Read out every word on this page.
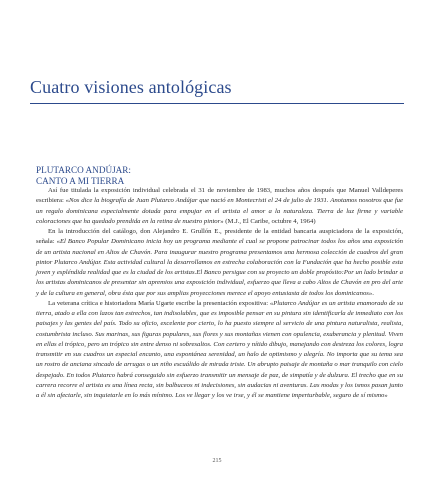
Cuatro visiones antológicas
PLUTARCO ANDÚJAR:
CANTO A MI TIERRA

Así fue titulada la exposición individual celebrada el 31 de noviembre de 1983, muchos años después que Manuel Valldeperes escribiera: «Nos dice la biografía de Juan Plutarco Andújar que nació en Montecristi el 24 de julio de 1931. Anotamos nosotros que fue un regalo dominicana especialmente dotada para empujar en el artista el amor a la naturaleza. Tierra de luz firme y variable coloraciones que ha quedado prendida en la retina de nuestro pintor» (M.J., El Caribe, octubre 4, 1964)

En la introducción del catálogo, don Alejandro E. Grullón E., presidente de la entidad bancaria auspiciadora de la exposición, señala: «El Banco Popular Dominicano inicia hoy un programa mediante el cual se propone patrocinar todos los años una exposición de un artista nacional en Altos de Chavón. Para inaugurar nuestro programa presentamos una hermosa colección de cuadros del gran pintor Plutarco Andújar. Esta actividad cultural la desarrollamos en estrecha colaboración con la Fundación que ha hecho posible esta joven y espléndida realidad que es la ciudad de los artistas.El Banco persigue con su proyecto un doble propósito:Por un lado brindar a los artistas dominicanos de presentar sin apremios una exposición individual, esfuerzo que lleva a cabo Altos de Chavón en pro del arte y de la cultura en general, obra ésta que por sus amplias proyecciones merece el apoyo entusiasta de todos los dominicanos».

La veterana crítica e historiadora María Ugarte escribe la presentación expositiva: «Plutarco Andújar es un artista enamorado de su tierra, atado a ella con lazos tan estrechos, tan indisolubles, que es imposible pensar en su pintura sin identificarla de inmediato con los paisajes y las gentes del país. Todo su oficio, excelente por cierto, lo ha puesto siempre al servicio de una pintura naturalista, realista, costumbrista incluso. Sus marinas, sus figuras populares, sus flores y sus montañas vienen con opulencia, exuberancia y plenitud. Viven en ellas el trópico, pero un trópico sin entre denso ni sobresaltos. Con certero y nítido dibujo, manejando con destreza los colores, logra transmitir en sus cuadros un especial encanto, una espontánea serenidad, un halo de optimismo y alegría. No importa que su tema sea un rostro de anciana sincado de arrugas o un niño escuálido de mirada triste. Un abrupto paisaje de montaña o mar tranquilo con cielo despejado. En todos Plutarco habrá conseguido sin esfuerzo transmitir un mensaje de paz, de simpatía y de dulzura. El trecho que en su carrera recorre el artista es una línea recta, sin balbuceos ni indecisiones, sin audacias ni aventuras. Las modas y los ismos pasan junto a él sin afectarle, sin inquietarle en lo más mínimo. Los ve llegar y los ve irse, y él se mantiene imperturbable, seguro de sí mismo»

215
